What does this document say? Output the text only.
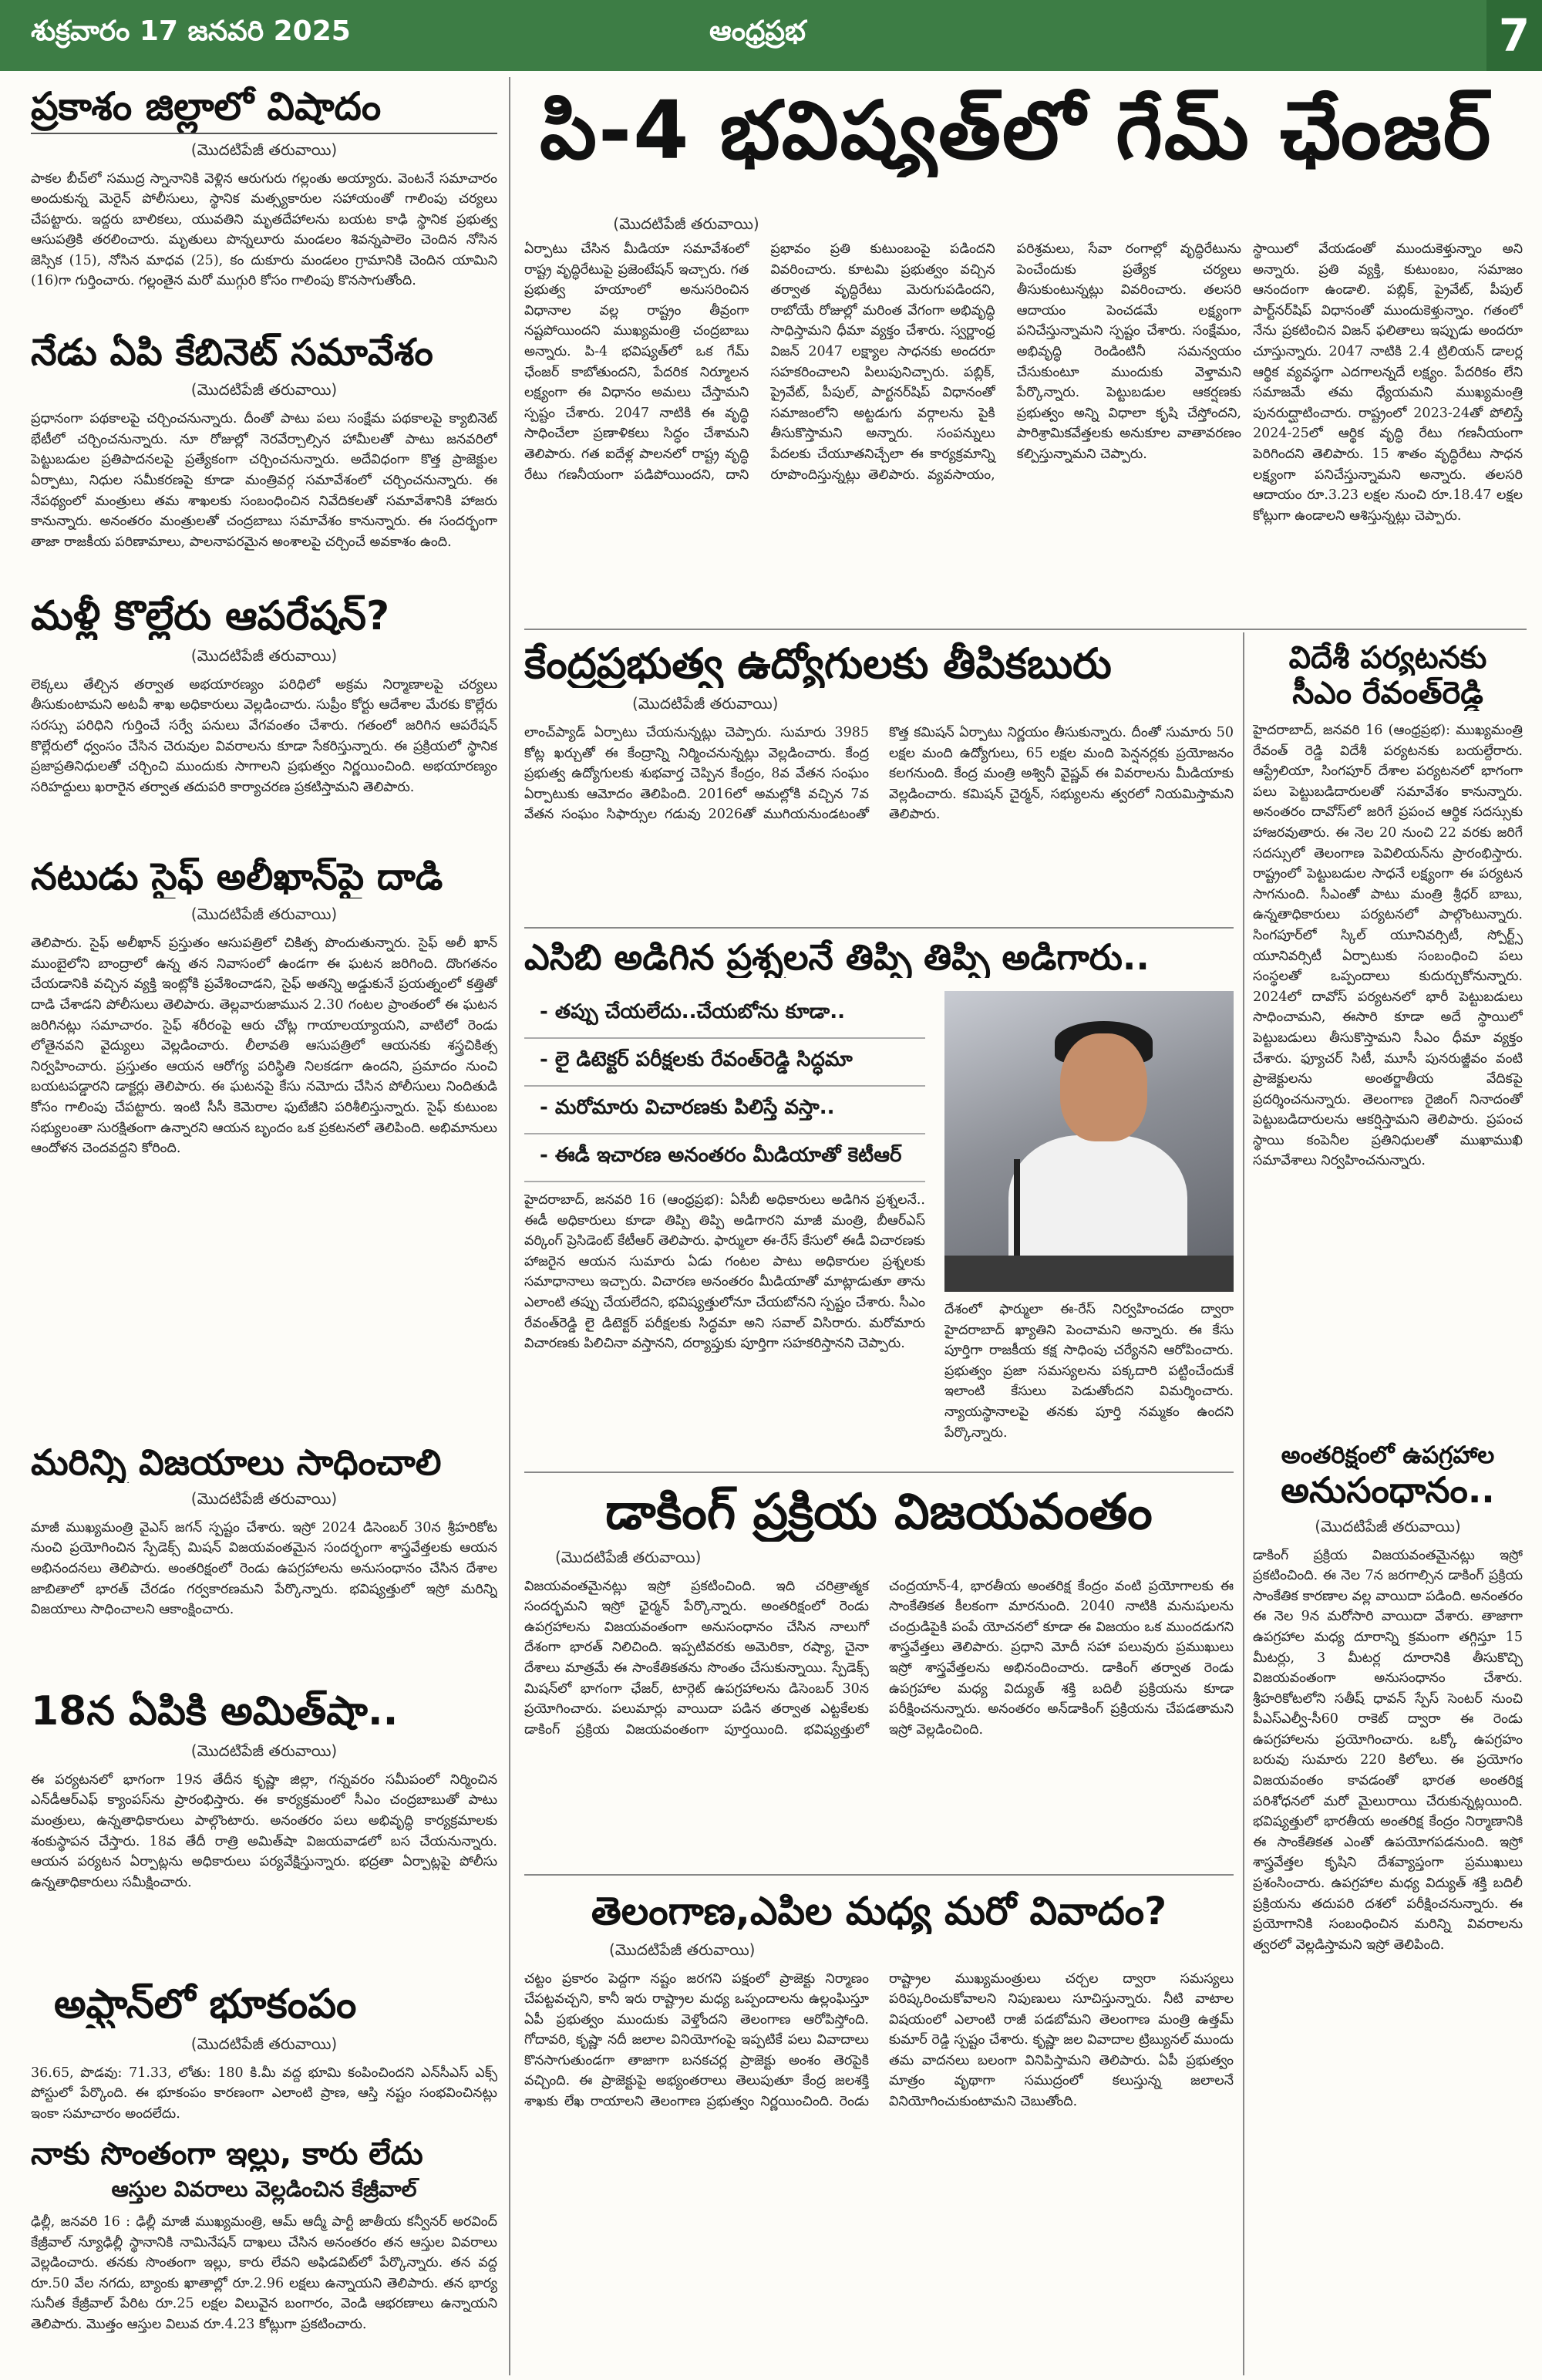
శుక్రవారం 17 జనవరి 2025	ఆంధ్రప్రభ	7
ప్రకాశం జిల్లాలో విషాదం
(మొదటిపేజీ తరువాయి)

పాకల బీచ్‌లో సముద్ర స్నానానికి వెళ్లిన ఆరుగురు గల్లంతు అయ్యారు. వెంటనే సమాచారం అందుకున్న మెరైన్ పోలీసులు, స్థానిక మత్స్యకారుల సహాయంతో గాలింపు చర్యలు చేపట్టారు. ఇద్దరు బాలికలు, యువతిని మృతదేహాలను బయట కాఢి స్థానిక ప్రభుత్వ ఆసుపత్రికి తరలించారు. మృతులు పొన్నలూరు మండలం శివన్నపాలెం చెందిన నోసిన జెస్సిక (15), నోసిన మాధవ (25), కం దుకూరు మండలం గ్రామానికి చెందిన యామిని (16)గా గుర్తించారు. గల్లంతైన మరో ముగ్గురి కోసం గాలింపు కొనసాగుతోంది.

నేడు ఏపి కేబినెట్ సమావేశం
(మొదటిపేజీ తరువాయి)

ప్రధానంగా పథకాలపై చర్చించనున్నారు. దీంతో పాటు పలు సంక్షేమ పథకాలపై క్యాబినెట్ భేటీలో చర్చించనున్నారు. నూ రోజుల్లో నెరవేర్చాల్సిన హామీలతో పాటు జనవరిలో పెట్టుబడుల ప్రతిపాదనలపై ప్రత్యేకంగా చర్చించనున్నారు. అదేవిధంగా కొత్త ప్రాజెక్టుల ఏర్పాటు, నిధుల సమీకరణపై కూడా మంత్రివర్గ సమావేశంలో చర్చించనున్నారు. ఈ నేపథ్యంలో మంత్రులు తమ శాఖలకు సంబంధించిన నివేదికలతో సమావేశానికి హాజరు కానున్నారు. అనంతరం మంత్రులతో చంద్రబాబు సమావేశం కానున్నారు. ఈ సందర్భంగా తాజా రాజకీయ పరిణామాలు, పాలనాపరమైన అంశాలపై చర్చించే అవకాశం ఉంది.

మళ్లీ కొల్లేరు ఆపరేషన్?
(మొదటిపేజీ తరువాయి)

లెక్కలు తేల్చిన తర్వాత అభయారణ్యం పరిధిలో అక్రమ నిర్మాణాలపై చర్యలు తీసుకుంటామని అటవీ శాఖ అధికారులు వెల్లడించారు. సుప్రీం కోర్టు ఆదేశాల మేరకు కొల్లేరు సరస్సు పరిధిని గుర్తించే సర్వే పనులు వేగవంతం చేశారు. గతంలో జరిగిన ఆపరేషన్ కొల్లేరులో ధ్వంసం చేసిన చెరువుల వివరాలను కూడా సేకరిస్తున్నారు. ఈ ప్రక్రియలో స్థానిక ప్రజాప్రతినిధులతో చర్చించి ముందుకు సాగాలని ప్రభుత్వం నిర్ణయించింది. అభయారణ్యం సరిహద్దులు ఖరారైన తర్వాత తదుపరి కార్యాచరణ ప్రకటిస్తామని తెలిపారు.

నటుడు సైఫ్ అలీఖాన్‌పై దాడి
(మొదటిపేజీ తరువాయి)

తెలిపారు. సైఫ్ అలీఖాన్ ప్రస్తుతం ఆసుపత్రిలో చికిత్స పొందుతున్నారు. సైఫ్ అలీ ఖాన్ ముంబైలోని బాంద్రాలో ఉన్న తన నివాసంలో ఉండగా ఈ ఘటన జరిగింది. దొంగతనం చేయడానికి వచ్చిన వ్యక్తి ఇంట్లోకి ప్రవేశించాడని, సైఫ్ అతన్ని అడ్డుకునే ప్రయత్నంలో కత్తితో దాడి చేశాడని పోలీసులు తెలిపారు. తెల్లవారుజామున 2.30 గంటల ప్రాంతంలో ఈ ఘటన జరిగినట్లు సమాచారం. సైఫ్ శరీరంపై ఆరు చోట్ల గాయాలయ్యాయని, వాటిలో రెండు లోతైనవని వైద్యులు వెల్లడించారు. లీలావతి ఆసుపత్రిలో ఆయనకు శస్త్రచికిత్స నిర్వహించారు. ప్రస్తుతం ఆయన ఆరోగ్య పరిస్థితి నిలకడగా ఉందని, ప్రమాదం నుంచి బయటపడ్డారని డాక్టర్లు తెలిపారు. ఈ ఘటనపై కేసు నమోదు చేసిన పోలీసులు నిందితుడి కోసం గాలింపు చేపట్టారు. ఇంటి సీసీ కెమెరాల ఫుటేజీని పరిశీలిస్తున్నారు. సైఫ్ కుటుంబ సభ్యులంతా సురక్షితంగా ఉన్నారని ఆయన బృందం ఒక ప్రకటనలో తెలిపింది. అభిమానులు ఆందోళన చెందవద్దని కోరింది.

మరిన్ని విజయాలు సాధించాలి
(మొదటిపేజీ తరువాయి)

మాజీ ముఖ్యమంత్రి వైఎస్ జగన్ స్పష్టం చేశారు. ఇస్రో 2024 డిసెంబర్ 30న శ్రీహరికోట నుంచి ప్రయోగించిన స్పేడెక్స్ మిషన్ విజయవంతమైన సందర్భంగా శాస్త్రవేత్తలకు ఆయన అభినందనలు తెలిపారు. అంతరిక్షంలో రెండు ఉపగ్రహాలను అనుసంధానం చేసిన దేశాల జాబితాలో భారత్ చేరడం గర్వకారణమని పేర్కొన్నారు. భవిష్యత్తులో ఇస్రో మరిన్ని విజయాలు సాధించాలని ఆకాంక్షించారు.

18న ఏపికి అమిత్‌షా..
(మొదటిపేజీ తరువాయి)

ఈ పర్యటనలో భాగంగా 19న తేదీన కృష్ణా జిల్లా, గన్నవరం సమీపంలో నిర్మించిన ఎన్‌డీఆర్ఎఫ్ క్యాంపస్‌ను ప్రారంభిస్తారు. ఈ కార్యక్రమంలో సీఎం చంద్రబాబుతో పాటు మంత్రులు, ఉన్నతాధికారులు పాల్గొంటారు. అనంతరం పలు అభివృద్ధి కార్యక్రమాలకు శంకుస్థాపన చేస్తారు. 18వ తేదీ రాత్రి అమిత్‌షా విజయవాడలో బస చేయనున్నారు. ఆయన పర్యటన ఏర్పాట్లను అధికారులు పర్యవేక్షిస్తున్నారు. భద్రతా ఏర్పాట్లపై పోలీసు ఉన్నతాధికారులు సమీక్షించారు.

అఫ్ఘాన్‌లో భూకంపం
(మొదటిపేజీ తరువాయి)

36.65, పొడవు: 71.33, లోతు: 180 కి.మీ వద్ద భూమి కంపించిందని ఎన్‌సీఎస్ ఎక్స్ పోస్టులో పేర్కొంది. ఈ భూకంపం కారణంగా ఎలాంటి ప్రాణ, ఆస్తి నష్టం సంభవించినట్లు ఇంకా సమాచారం అందలేదు.

నాకు సొంతంగా ఇల్లు, కారు లేదు
ఆస్తుల వివరాలు వెల్లడించిన కేజ్రీవాల్

ఢిల్లీ, జనవరి 16 : ఢిల్లీ మాజీ ముఖ్యమంత్రి, ఆమ్ ఆద్మీ పార్టీ జాతీయ కన్వీనర్ అరవింద్ కేజ్రీవాల్ న్యూఢిల్లీ స్థానానికి నామినేషన్ దాఖలు చేసిన అనంతరం తన ఆస్తుల వివరాలు వెల్లడించారు. తనకు సొంతంగా ఇల్లు, కారు లేవని అఫిడవిట్‌లో పేర్కొన్నారు. తన వద్ద రూ.50 వేల నగదు, బ్యాంకు ఖాతాల్లో రూ.2.96 లక్షలు ఉన్నాయని తెలిపారు. తన భార్య సునీత కేజ్రీవాల్ పేరిట రూ.25 లక్షల విలువైన బంగారం, వెండి ఆభరణాలు ఉన్నాయని తెలిపారు. మొత్తం ఆస్తుల విలువ రూ.4.23 కోట్లుగా ప్రకటించారు.

పి-4 భవిష్యత్‌లో గేమ్ ఛేంజర్
(మొదటిపేజీ తరువాయి)

ఏర్పాటు చేసిన మీడియా సమావేశంలో రాష్ట్ర వృద్ధిరేటుపై ప్రజెంటేషన్ ఇచ్చారు. గత ప్రభుత్వ హయాంలో అనుసరించిన విధానాల వల్ల రాష్ట్రం తీవ్రంగా నష్టపోయిందని ముఖ్యమంత్రి చంద్రబాబు అన్నారు. పి-4 భవిష్యత్‌లో ఒక గేమ్ ఛేంజర్ కాబోతుందని, పేదరిక నిర్మూలన లక్ష్యంగా ఈ విధానం అమలు చేస్తామని స్పష్టం చేశారు. 2047 నాటికి ఈ వృద్ధి సాధించేలా ప్రణాళికలు సిద్ధం చేశామని తెలిపారు. గత ఐదేళ్ల పాలనలో రాష్ట్ర వృద్ధి రేటు గణనీయంగా పడిపోయిందని, దాని ప్రభావం ప్రతి కుటుంబంపై పడిందని వివరించారు. కూటమి ప్రభుత్వం వచ్చిన తర్వాత వృద్ధిరేటు మెరుగుపడిందని, రాబోయే రోజుల్లో మరింత వేగంగా అభివృద్ధి సాధిస్తామని ధీమా వ్యక్తం చేశారు. స్వర్ణాంధ్ర విజన్ 2047 లక్ష్యాల సాధనకు అందరూ సహకరించాలని పిలుపునిచ్చారు. పబ్లిక్, ప్రైవేట్, పీపుల్, పార్టనర్‌షిప్ విధానంతో సమాజంలోని అట్టడుగు వర్గాలను పైకి తీసుకొస్తామని అన్నారు. సంపన్నులు పేదలకు చేయూతనిచ్చేలా ఈ కార్యక్రమాన్ని రూపొందిస్తున్నట్లు తెలిపారు. వ్యవసాయం, పరిశ్రమలు, సేవా రంగాల్లో వృద్ధిరేటును పెంచేందుకు ప్రత్యేక చర్యలు తీసుకుంటున్నట్లు వివరించారు. తలసరి ఆదాయం పెంచడమే లక్ష్యంగా పనిచేస్తున్నామని స్పష్టం చేశారు. సంక్షేమం, అభివృద్ధి రెండింటినీ సమన్వయం చేసుకుంటూ ముందుకు వెళ్తామని పేర్కొన్నారు. పెట్టుబడుల ఆకర్షణకు ప్రభుత్వం అన్ని విధాలా కృషి చేస్తోందని, పారిశ్రామికవేత్తలకు అనుకూల వాతావరణం కల్పిస్తున్నామని చెప్పారు.

కేంద్రప్రభుత్వ ఉద్యోగులకు తీపికబురు
(మొదటిపేజీ తరువాయి)

లాంచ్‌ప్యాడ్ ఏర్పాటు చేయనున్నట్లు చెప్పారు. సుమారు 3985 కోట్ల ఖర్చుతో ఈ కేంద్రాన్ని నిర్మించనున్నట్లు వెల్లడించారు. కేంద్ర ప్రభుత్వ ఉద్యోగులకు శుభవార్త చెప్పిన కేంద్రం, 8వ వేతన సంఘం ఏర్పాటుకు ఆమోదం తెలిపింది. 2016లో అమల్లోకి వచ్చిన 7వ వేతన సంఘం సిఫార్సుల గడువు 2026తో ముగియనుండటంతో కొత్త కమిషన్ ఏర్పాటు నిర్ణయం తీసుకున్నారు. దీంతో సుమారు 50 లక్షల మంది ఉద్యోగులు, 65 లక్షల మంది పెన్షనర్లకు ప్రయోజనం కలగనుంది. కేంద్ర మంత్రి అశ్వినీ వైష్ణవ్ ఈ వివరాలను మీడియాకు వెల్లడించారు. కమిషన్ చైర్మన్, సభ్యులను త్వరలో నియమిస్తామని తెలిపారు.

ఎసిబి అడిగిన ప్రశ్నలనే తిప్పి తిప్పి అడిగారు..
- తప్పు చేయలేదు..చేయబోను కూడా..
- లై డిటెక్టర్ పరీక్షలకు రేవంత్‌రెడ్డి సిద్ధమా
- మరోమారు విచారణకు పిలిస్తే వస్తా..
- ఈడీ ఇచారణ అనంతరం మీడియాతో కెటీఆర్

హైదరాబాద్, జనవరి 16 (ఆంధ్రప్రభ): ఏసీబీ అధికారులు అడిగిన ప్రశ్నలనే.. ఈడీ అధికారులు కూడా తిప్పి తిప్పి అడిగారని మాజీ మంత్రి, బీఆర్ఎస్ వర్కింగ్ ప్రెసిడెంట్ కేటీఆర్ తెలిపారు. ఫార్ములా ఈ-రేస్ కేసులో ఈడీ విచారణకు హాజరైన ఆయన సుమారు ఏడు గంటల పాటు అధికారుల ప్రశ్నలకు సమాధానాలు ఇచ్చారు. విచారణ అనంతరం మీడియాతో మాట్లాడుతూ తాను ఎలాంటి తప్పు చేయలేదని, భవిష్యత్తులోనూ చేయబోనని స్పష్టం చేశారు. సీఎం రేవంత్‌రెడ్డి లై డిటెక్టర్ పరీక్షలకు సిద్ధమా అని సవాల్ విసిరారు. మరోమారు విచారణకు పిలిచినా వస్తానని, దర్యాప్తుకు పూర్తిగా సహకరిస్తానని చెప్పారు.

దేశంలో ఫార్ములా ఈ-రేస్ నిర్వహించడం ద్వారా హైదరాబాద్ ఖ్యాతిని పెంచామని అన్నారు. ఈ కేసు పూర్తిగా రాజకీయ కక్ష సాధింపు చర్యేనని ఆరోపించారు. ప్రభుత్వం ప్రజా సమస్యలను పక్కదారి పట్టించేందుకే ఇలాంటి కేసులు పెడుతోందని విమర్శించారు. న్యాయస్థానాలపై తనకు పూర్తి నమ్మకం ఉందని పేర్కొన్నారు.

డాకింగ్ ప్రక్రియ విజయవంతం
(మొదటిపేజీ తరువాయి)

విజయవంతమైనట్లు ఇస్రో ప్రకటించింది. ఇది చరిత్రాత్మక సందర్భమని ఇస్రో ఛైర్మన్ పేర్కొన్నారు. అంతరిక్షంలో రెండు ఉపగ్రహాలను విజయవంతంగా అనుసంధానం చేసిన నాలుగో దేశంగా భారత్ నిలిచింది. ఇప్పటివరకు అమెరికా, రష్యా, చైనా దేశాలు మాత్రమే ఈ సాంకేతికతను సొంతం చేసుకున్నాయి. స్పేడెక్స్ మిషన్‌లో భాగంగా ఛేజర్, టార్గెట్ ఉపగ్రహాలను డిసెంబర్ 30న ప్రయోగించారు. పలుమార్లు వాయిదా పడిన తర్వాత ఎట్టకేలకు డాకింగ్ ప్రక్రియ విజయవంతంగా పూర్తయింది. భవిష్యత్తులో చంద్రయాన్-4, భారతీయ అంతరిక్ష కేంద్రం వంటి ప్రయోగాలకు ఈ సాంకేతికత కీలకంగా మారనుంది. 2040 నాటికి మనుషులను చంద్రుడిపైకి పంపే యోచనలో కూడా ఈ విజయం ఒక ముందడుగని శాస్త్రవేత్తలు తెలిపారు. ప్రధాని మోదీ సహా పలువురు ప్రముఖులు ఇస్రో శాస్త్రవేత్తలను అభినందించారు. డాకింగ్ తర్వాత రెండు ఉపగ్రహాల మధ్య విద్యుత్ శక్తి బదిలీ ప్రక్రియను కూడా పరీక్షించనున్నారు. అనంతరం అన్‌డాకింగ్ ప్రక్రియను చేపడతామని ఇస్రో వెల్లడించింది.

తెలంగాణ,ఎపిల మధ్య మరో వివాదం?
(మొదటిపేజీ తరువాయి)

చట్టం ప్రకారం పెద్దగా నష్టం జరగని పక్షంలో ప్రాజెక్టు నిర్మాణం చేపట్టవచ్చని, కానీ ఇరు రాష్ట్రాల మధ్య ఒప్పందాలను ఉల్లంఘిస్తూ ఏపీ ప్రభుత్వం ముందుకు వెళ్తోందని తెలంగాణ ఆరోపిస్తోంది. గోదావరి, కృష్ణా నదీ జలాల వినియోగంపై ఇప్పటికే పలు వివాదాలు కొనసాగుతుండగా తాజాగా బనకచర్ల ప్రాజెక్టు అంశం తెరపైకి వచ్చింది. ఈ ప్రాజెక్టుపై అభ్యంతరాలు తెలుపుతూ కేంద్ర జలశక్తి శాఖకు లేఖ రాయాలని తెలంగాణ ప్రభుత్వం నిర్ణయించింది. రెండు రాష్ట్రాల ముఖ్యమంత్రులు చర్చల ద్వారా సమస్యలు పరిష్కరించుకోవాలని నిపుణులు సూచిస్తున్నారు. నీటి వాటాల విషయంలో ఎలాంటి రాజీ పడబోమని తెలంగాణ మంత్రి ఉత్తమ్ కుమార్ రెడ్డి స్పష్టం చేశారు. కృష్ణా జల వివాదాల ట్రిబ్యునల్ ముందు తమ వాదనలు బలంగా వినిపిస్తామని తెలిపారు. ఏపీ ప్రభుత్వం మాత్రం వృథాగా సముద్రంలో కలుస్తున్న జలాలనే వినియోగించుకుంటామని చెబుతోంది.

విదేశీ పర్యటనకు
సీఎం రేవంత్‌రెడ్డి

హైదరాబాద్, జనవరి 16 (ఆంధ్రప్రభ): ముఖ్యమంత్రి రేవంత్ రెడ్డి విదేశీ పర్యటనకు బయల్దేరారు. ఆస్ట్రేలియా, సింగపూర్ దేశాల పర్యటనలో భాగంగా పలు పెట్టుబడిదారులతో సమావేశం కానున్నారు. అనంతరం దావోస్‌లో జరిగే ప్రపంచ ఆర్థిక సదస్సుకు హాజరవుతారు. ఈ నెల 20 నుంచి 22 వరకు జరిగే సదస్సులో తెలంగాణ పెవిలియన్‌ను ప్రారంభిస్తారు. రాష్ట్రంలో పెట్టుబడుల సాధనే లక్ష్యంగా ఈ పర్యటన సాగనుంది. సీఎంతో పాటు మంత్రి శ్రీధర్ బాబు, ఉన్నతాధికారులు పర్యటనలో పాల్గొంటున్నారు. సింగపూర్‌లో స్కిల్ యూనివర్సిటీ, స్పోర్ట్స్ యూనివర్సిటీ ఏర్పాటుకు సంబంధించి పలు సంస్థలతో ఒప్పందాలు కుదుర్చుకోనున్నారు. 2024లో దావోస్ పర్యటనలో భారీ పెట్టుబడులు సాధించామని, ఈసారి కూడా అదే స్థాయిలో పెట్టుబడులు తీసుకొస్తామని సీఎం ధీమా వ్యక్తం చేశారు. ఫ్యూచర్ సిటీ, మూసీ పునరుజ్జీవం వంటి ప్రాజెక్టులను అంతర్జాతీయ వేదికపై ప్రదర్శించనున్నారు. తెలంగాణ రైజింగ్ నినాదంతో పెట్టుబడిదారులను ఆకర్షిస్తామని తెలిపారు. ప్రపంచ స్థాయి కంపెనీల ప్రతినిధులతో ముఖాముఖి సమావేశాలు నిర్వహించనున్నారు.

అంతరిక్షంలో ఉపగ్రహాల
అనుసంధానం..
(మొదటిపేజీ తరువాయి)

డాకింగ్ ప్రక్రియ విజయవంతమైనట్లు ఇస్రో ప్రకటించింది. ఈ నెల 7న జరగాల్సిన డాకింగ్ ప్రక్రియ సాంకేతిక కారణాల వల్ల వాయిదా పడింది. అనంతరం ఈ నెల 9న మరోసారి వాయిదా వేశారు. తాజాగా ఉపగ్రహాల మధ్య దూరాన్ని క్రమంగా తగ్గిస్తూ 15 మీటర్లు, 3 మీటర్ల దూరానికి తీసుకొచ్చి విజయవంతంగా అనుసంధానం చేశారు. శ్రీహరికోటలోని సతీష్ ధావన్ స్పేస్ సెంటర్ నుంచి పీఎస్ఎల్వీ-సీ60 రాకెట్ ద్వారా ఈ రెండు ఉపగ్రహాలను ప్రయోగించారు. ఒక్కో ఉపగ్రహం బరువు సుమారు 220 కిలోలు. ఈ ప్రయోగం విజయవంతం కావడంతో భారత అంతరిక్ష పరిశోధనలో మరో మైలురాయి చేరుకున్నట్లయింది. భవిష్యత్తులో భారతీయ అంతరిక్ష కేంద్రం నిర్మాణానికి ఈ సాంకేతికత ఎంతో ఉపయోగపడనుంది. ఇస్రో శాస్త్రవేత్తల కృషిని దేశవ్యాప్తంగా ప్రముఖులు ప్రశంసించారు. ఉపగ్రహాల మధ్య విద్యుత్ శక్తి బదిలీ ప్రక్రియను తదుపరి దశలో పరీక్షించనున్నారు. ఈ ప్రయోగానికి సంబంధించిన మరిన్ని వివరాలను త్వరలో వెల్లడిస్తామని ఇస్రో తెలిపింది.

స్థాయిలో వేయడంతో ముందుకెళ్తున్నాం అని అన్నారు. ప్రతి వ్యక్తి, కుటుంబం, సమాజం ఆనందంగా ఉండాలి. పబ్లిక్, ప్రైవేట్, పీపుల్ పార్ట్‌నర్‌షిప్ విధానంతో ముందుకెళ్తున్నాం. గతంలో నేను ప్రకటించిన విజన్ ఫలితాలు ఇప్పుడు అందరూ చూస్తున్నారు. 2047 నాటికి 2.4 ట్రిలియన్ డాలర్ల ఆర్థిక వ్యవస్థగా ఎదగాలన్నదే లక్ష్యం. పేదరికం లేని సమాజమే తమ ధ్యేయమని ముఖ్యమంత్రి పునరుద్ఘాటించారు. రాష్ట్రంలో 2023-24తో పోలిస్తే 2024-25లో ఆర్థిక వృద్ధి రేటు గణనీయంగా పెరిగిందని తెలిపారు. 15 శాతం వృద్ధిరేటు సాధన లక్ష్యంగా పనిచేస్తున్నామని అన్నారు. తలసరి ఆదాయం రూ.3.23 లక్షల నుంచి రూ.18.47 లక్షల కోట్లుగా ఉండాలని ఆశిస్తున్నట్లు చెప్పారు.
